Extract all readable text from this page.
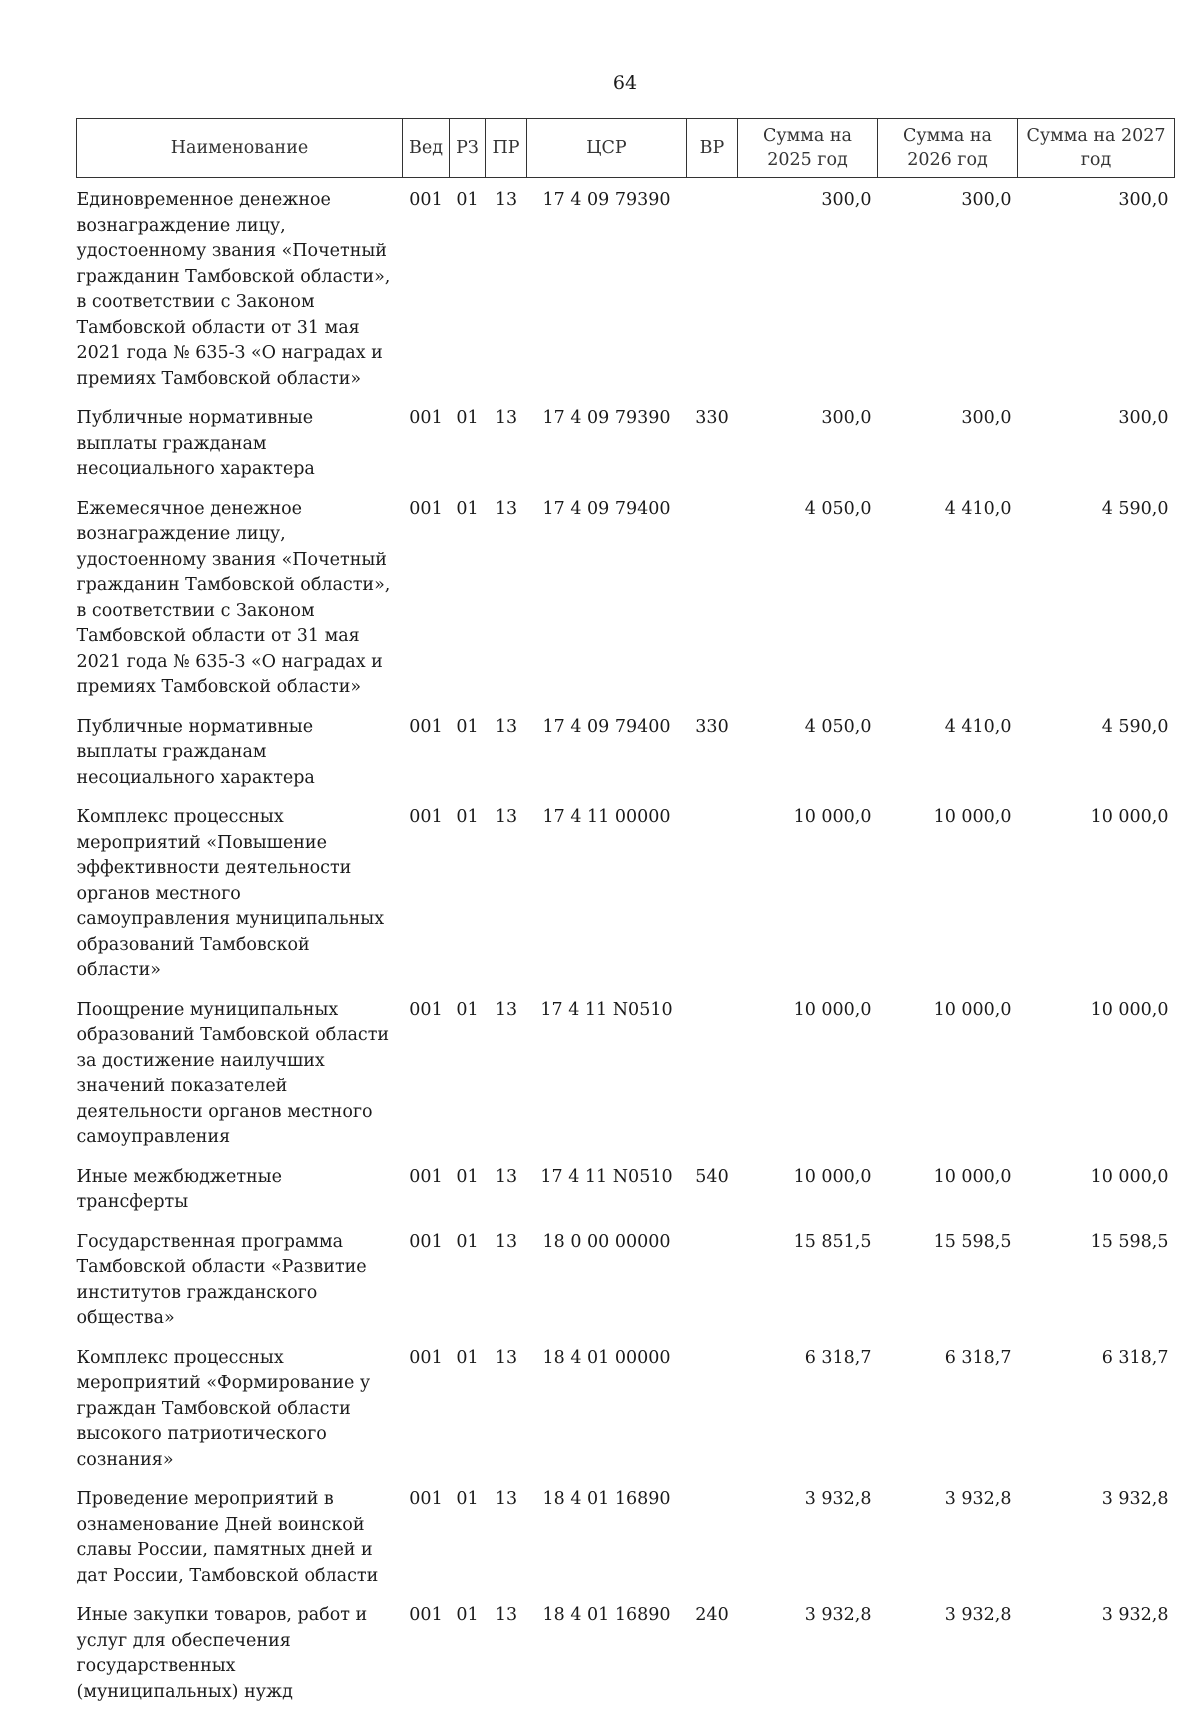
64
Наименование	Вед	РЗ	ПР	ЦСР	ВР	Сумма на 2025 год	Сумма на 2026 год	Сумма на 2027 год
Единовременное денежное вознаграждение лицу, удостоенному звания «Почетный гражданин Тамбовской области», в соответствии с Законом Тамбовской области от 31 мая 2021 года № 635-З «О наградах и премиях Тамбовской области»	001	01	13	17 4 09 79390		300,0	300,0	300,0
Публичные нормативные выплаты гражданам несоциального характера	001	01	13	17 4 09 79390	330	300,0	300,0	300,0
Ежемесячное денежное вознаграждение лицу, удостоенному звания «Почетный гражданин Тамбовской области», в соответствии с Законом Тамбовской области от 31 мая 2021 года № 635-З «О наградах и премиях Тамбовской области»	001	01	13	17 4 09 79400		4 050,0	4 410,0	4 590,0
Публичные нормативные выплаты гражданам несоциального характера	001	01	13	17 4 09 79400	330	4 050,0	4 410,0	4 590,0
Комплекс процессных мероприятий «Повышение эффективности деятельности органов местного самоуправления муниципальных образований Тамбовской области»	001	01	13	17 4 11 00000		10 000,0	10 000,0	10 000,0
Поощрение муниципальных образований Тамбовской области за достижение наилучших значений показателей деятельности органов местного самоуправления	001	01	13	17 4 11 N0510		10 000,0	10 000,0	10 000,0
Иные межбюджетные трансферты	001	01	13	17 4 11 N0510	540	10 000,0	10 000,0	10 000,0
Государственная программа Тамбовской области «Развитие институтов гражданского общества»	001	01	13	18 0 00 00000		15 851,5	15 598,5	15 598,5
Комплекс процессных мероприятий «Формирование у граждан Тамбовской области высокого патриотического сознания»	001	01	13	18 4 01 00000		6 318,7	6 318,7	6 318,7
Проведение мероприятий в ознаменование Дней воинской славы России, памятных дней и дат России, Тамбовской области	001	01	13	18 4 01 16890		3 932,8	3 932,8	3 932,8
Иные закупки товаров, работ и услуг для обеспечения государственных (муниципальных) нужд	001	01	13	18 4 01 16890	240	3 932,8	3 932,8	3 932,8
